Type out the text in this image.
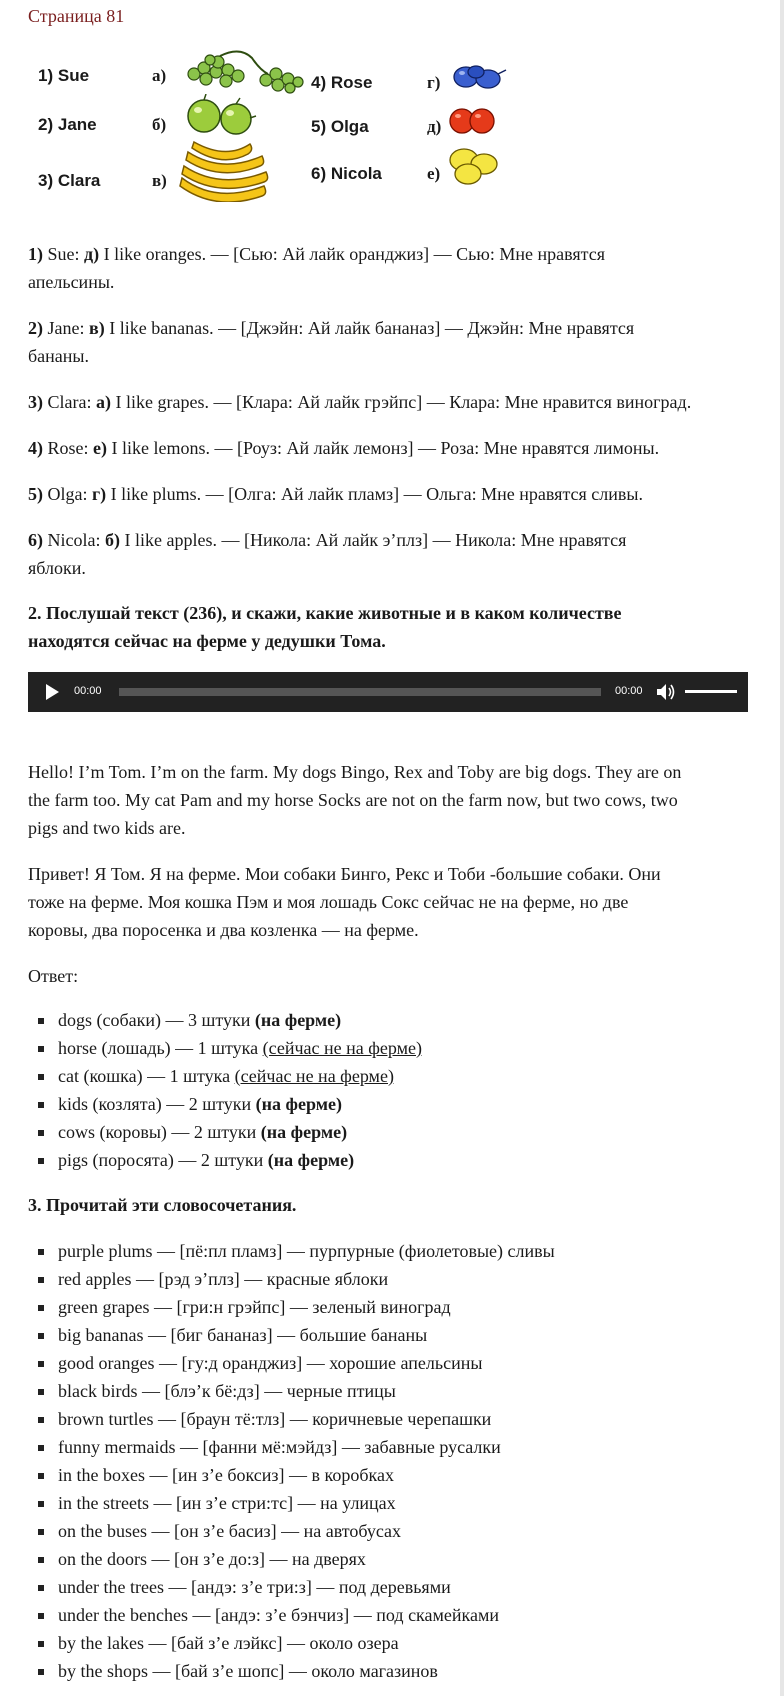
Страница 81
1) Sue
2) Jane
3) Clara
4) Rose
5) Olga
6) Nicola
а)
б)
в)
г)
д)
е)

1) Sue: д) I like oranges. — [Сью: Ай лайк оранджиз] — Сью: Мне нравятся
апельсины.

2) Jane: в) I like bananas. — [Джэйн: Ай лайк бананаз] — Джэйн: Мне нравятся
бананы.

3) Clara: а) I like grapes. — [Клара: Ай лайк грэйпс] — Клара: Мне нравится виноград.

4) Rose: е) I like lemons. — [Роуз: Ай лайк лемонз] — Роза: Мне нравятся лимоны.

5) Olga: г) I like plums. — [Олга: Ай лайк пламз] — Ольга: Мне нравятся сливы.

6) Nicola: б) I like apples. — [Никола: Ай лайк э’плз] — Никола: Мне нравятся
яблоки.

2. Послушай текст (236), и скажи, какие животные и в каком количестве
находятся сейчас на ферме у дедушки Тома.
00:00	00:00

Hello! I’m Tom. I’m on the farm. My dogs Bingo, Rex and Toby are big dogs. They are on
the farm too. My cat Pam and my horse Socks are not on the farm now, but two cows, two
pigs and two kids are.

Привет! Я Том. Я на ферме. Мои собаки Бинго, Рекс и Тоби -большие собаки. Они
тоже на ферме. Моя кошка Пэм и моя лошадь Сокс сейчас не на ферме, но две
коровы, два поросенка и два козленка — на ферме.

Ответ:

dogs (собаки) — 3 штуки (на ферме)
horse (лошадь) — 1 штука (сейчас не на ферме)
cat (кошка) — 1 штука (сейчас не на ферме)
kids (козлята) — 2 штуки (на ферме)
cows (коровы) — 2 штуки (на ферме)
pigs (поросята) — 2 штуки (на ферме)
3. Прочитай эти словосочетания.
purple plums — [пё:пл пламз] — пурпурные (фиолетовые) сливы
red apples — [рэд э’плз] — красные яблоки
green grapes — [гри:н грэйпс] — зеленый виноград
big bananas — [биг бананаз] — большие бананы
good oranges — [гу:д оранджиз] — хорошие апельсины
black birds — [блэ’к бё:дз] — черные птицы
brown turtles — [браун тё:тлз] — коричневые черепашки
funny mermaids — [фанни мё:мэйдз] — забавные русалки
in the boxes — [ин з’е боксиз] — в коробках
in the streets — [ин з’е стри:тс] — на улицах
on the buses — [он з’е басиз] — на автобусах
on the doors — [он з’е до:з] — на дверях
under the trees — [андэ: з’е три:з] — под деревьями
under the benches — [андэ: з’е бэнчиз] — под скамейками
by the lakes — [бай з’е лэйкс] — около озера
by the shops — [бай з’е шопс] — около магазинов
